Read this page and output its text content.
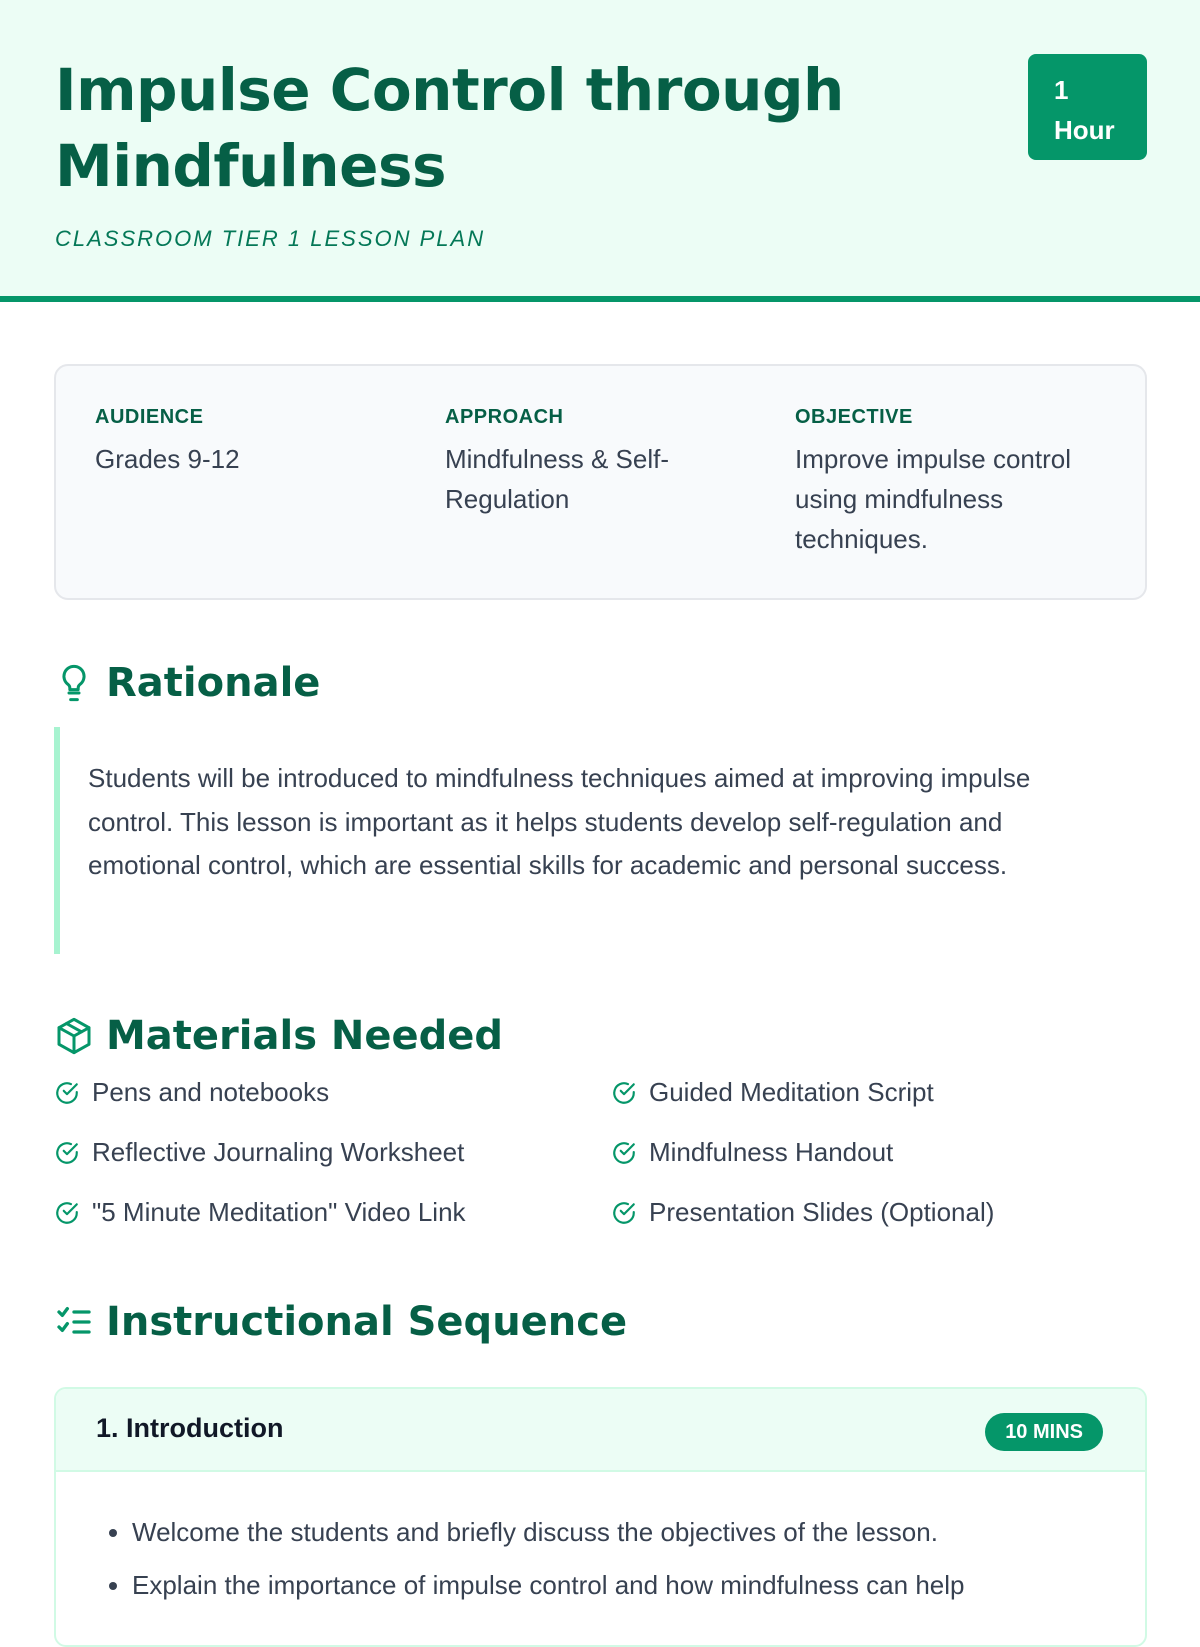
Impulse Control through Mindfulness
CLASSROOM TIER 1 LESSON PLAN
1
Hour
AUDIENCE
Grades 9-12
APPROACH
Mindfulness & Self-Regulation
OBJECTIVE
Improve impulse control using mindfulness techniques.
Rationale
Students will be introduced to mindfulness techniques aimed at improving impulse control. This lesson is important as it helps students develop self-regulation and emotional control, which are essential skills for academic and personal success.
Materials Needed
Pens and notebooks	Guided Meditation Script
Reflective Journaling Worksheet	Mindfulness Handout
"5 Minute Meditation" Video Link	Presentation Slides (Optional)
Instructional Sequence
1. Introduction	10 MINS
• Welcome the students and briefly discuss the objectives of the lesson.
• Explain the importance of impulse control and how mindfulness can help
